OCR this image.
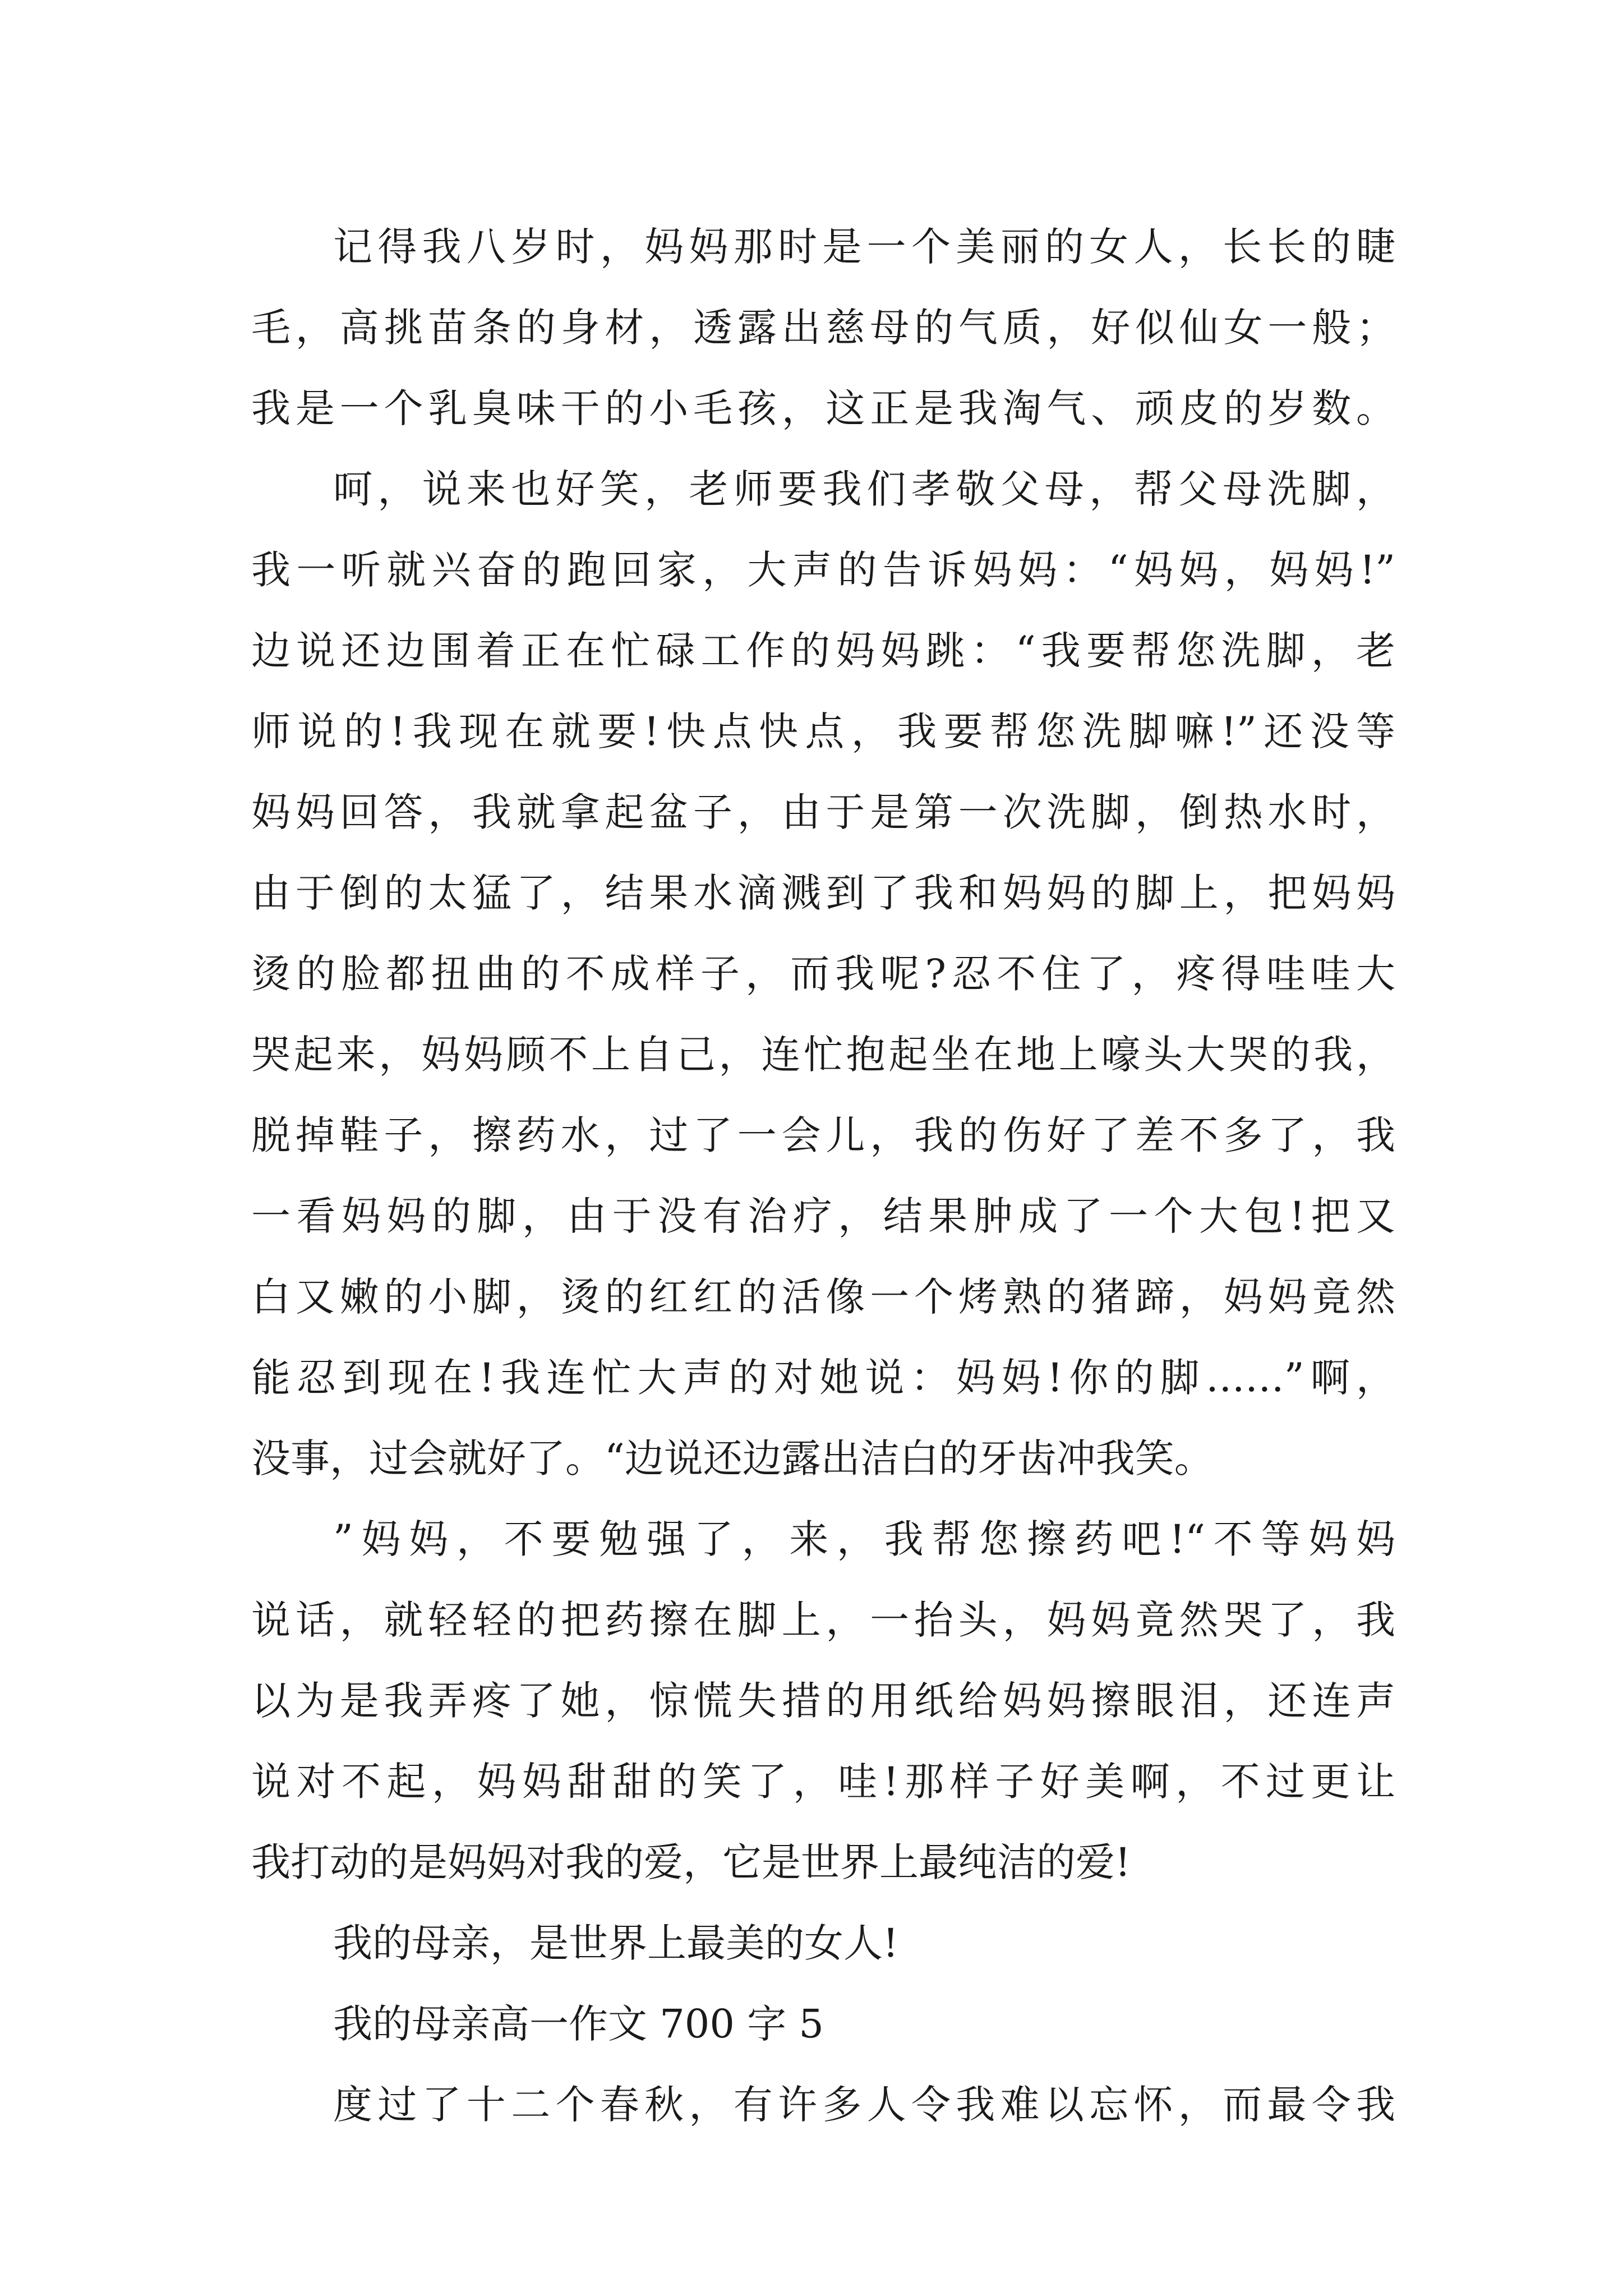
记得我八岁时，妈妈那时是一个美丽的女人，长长的睫
毛，高挑苗条的身材，透露出慈母的气质，好似仙女一般；
我是一个乳臭味干的小毛孩，这正是我淘气、顽皮的岁数。
呵，说来也好笑，老师要我们孝敬父母，帮父母洗脚，
我一听就兴奋的跑回家，大声的告诉妈妈：“妈妈，妈妈!”
边说还边围着正在忙碌工作的妈妈跳：“我要帮您洗脚，老
师说的!我现在就要!快点快点，我要帮您洗脚嘛!”还没等
妈妈回答，我就拿起盆子，由于是第一次洗脚，倒热水时，
由于倒的太猛了，结果水滴溅到了我和妈妈的脚上，把妈妈
烫的脸都扭曲的不成样子，而我呢?忍不住了，疼得哇哇大
哭起来，妈妈顾不上自己，连忙抱起坐在地上嚎头大哭的我，
脱掉鞋子，擦药水，过了一会儿，我的伤好了差不多了，我
一看妈妈的脚，由于没有治疗，结果肿成了一个大包!把又
白又嫩的小脚，烫的红红的活像一个烤熟的猪蹄，妈妈竟然
能忍到现在!我连忙大声的对她说：妈妈!你的脚……”啊，
没事，过会就好了。“边说还边露出洁白的牙齿冲我笑。
”妈妈，不要勉强了，来，我帮您擦药吧!“不等妈妈
说话，就轻轻的把药擦在脚上，一抬头，妈妈竟然哭了，我
以为是我弄疼了她，惊慌失措的用纸给妈妈擦眼泪，还连声
说对不起，妈妈甜甜的笑了，哇!那样子好美啊，不过更让
我打动的是妈妈对我的爱，它是世界上最纯洁的爱!
我的母亲，是世界上最美的女人!
我的母亲高一作文 700 字 5
度过了十二个春秋，有许多人令我难以忘怀，而最令我
